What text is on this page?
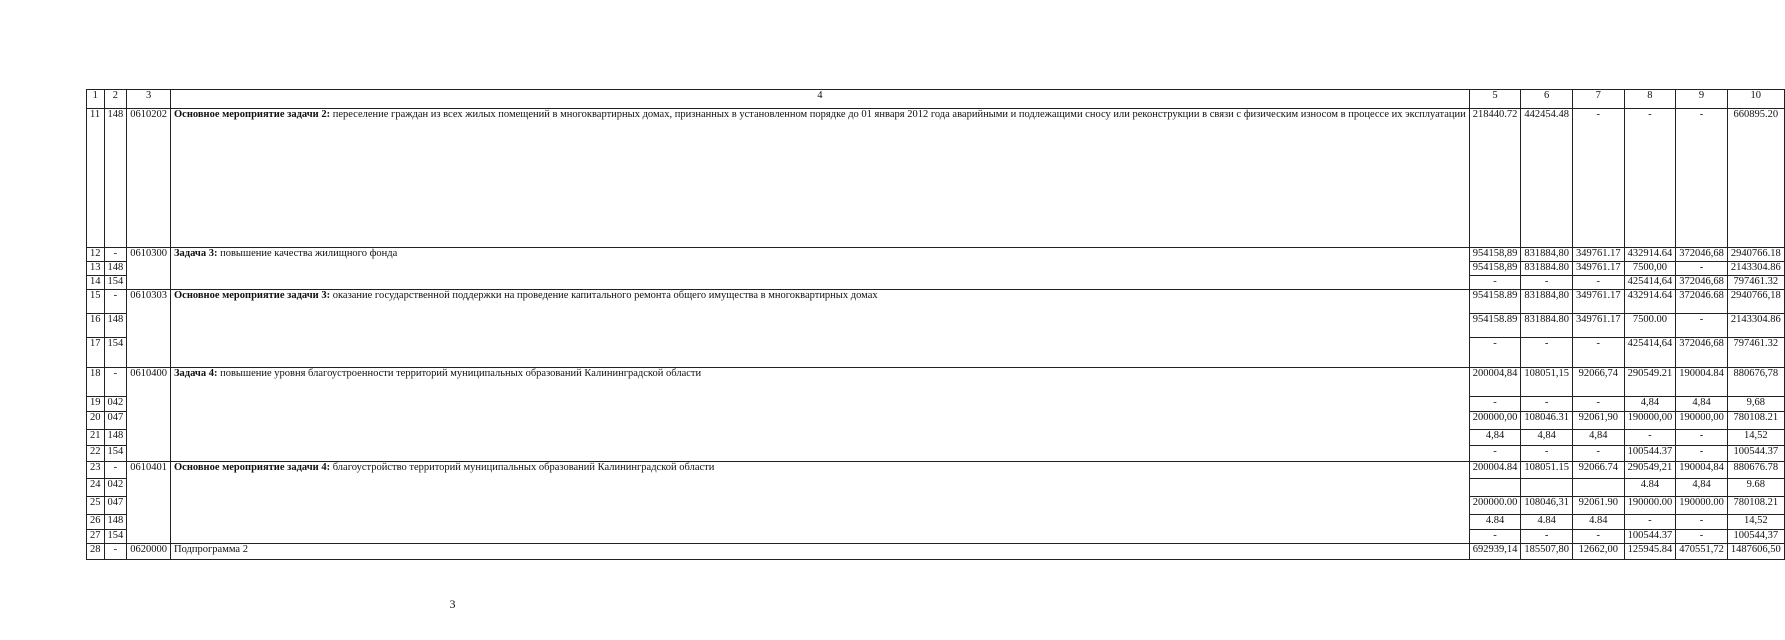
1	2	3	4	5	6	7	8	9	10
11	148	0610202	Основное мероприятие задачи 2: переселение граждан из всех жилых помещений в многоквартирных домах, признанных в установленном порядке до 01 января 2012 года аварийными и подлежащими сносу или реконструкции в связи с физическим износом в процессе их эксплуатации	218440.72	442454.48	-	-	-	660895.20
12	-	0610300	Задача 3: повышение качества жилищного фонда	954158,89	831884,80	349761.17	432914.64	372046,68	2940766.18
13	148			954158,89	831884.80	349761.17	7500,00	-	2143304.86
14	154			-	-	-	425414,64	372046,68	797461.32
15	-	0610303	Основное мероприятие задачи 3: оказание государственной поддержки на проведение капитального ремонта общего имущества в многоквартирных домах	954158.89	831884,80	349761.17	432914.64	372046.68	2940766,18
16	148			954158.89	831884.80	349761.17	7500.00	-	2143304.86
17	154			-	-	-	425414,64	372046,68	797461.32
18	-	0610400	Задача 4: повышение уровня благоустроенности территорий муниципальных образований Калининградской области	200004,84	108051,15	92066,74	290549.21	190004.84	880676,78
19	042			-	-	-	4,84	4,84	9,68
20	047			200000,00	108046.31	92061,90	190000,00	190000,00	780108.21
21	148			4,84	4,84	4,84	-	-	14,52
22	154			-	-	-	100544.37	-	100544.37
23	-	0610401	Основное мероприятие задачи 4: благоустройство территорий муниципальных образований Калининградской области	200004.84	108051.15	92066.74	290549,21	190004,84	880676.78
24	042						4.84	4,84	9.68
25	047			200000.00	108046,31	92061.90	190000.00	190000.00	780108.21
26	148			4.84	4.84	4.84	-	-	14,52
27	154			-	-	-	100544.37	-	100544,37
28	-	0620000	Подпрограмма 2	692939,14	185507,80	12662,00	125945.84	470551,72	1487606,50
3
